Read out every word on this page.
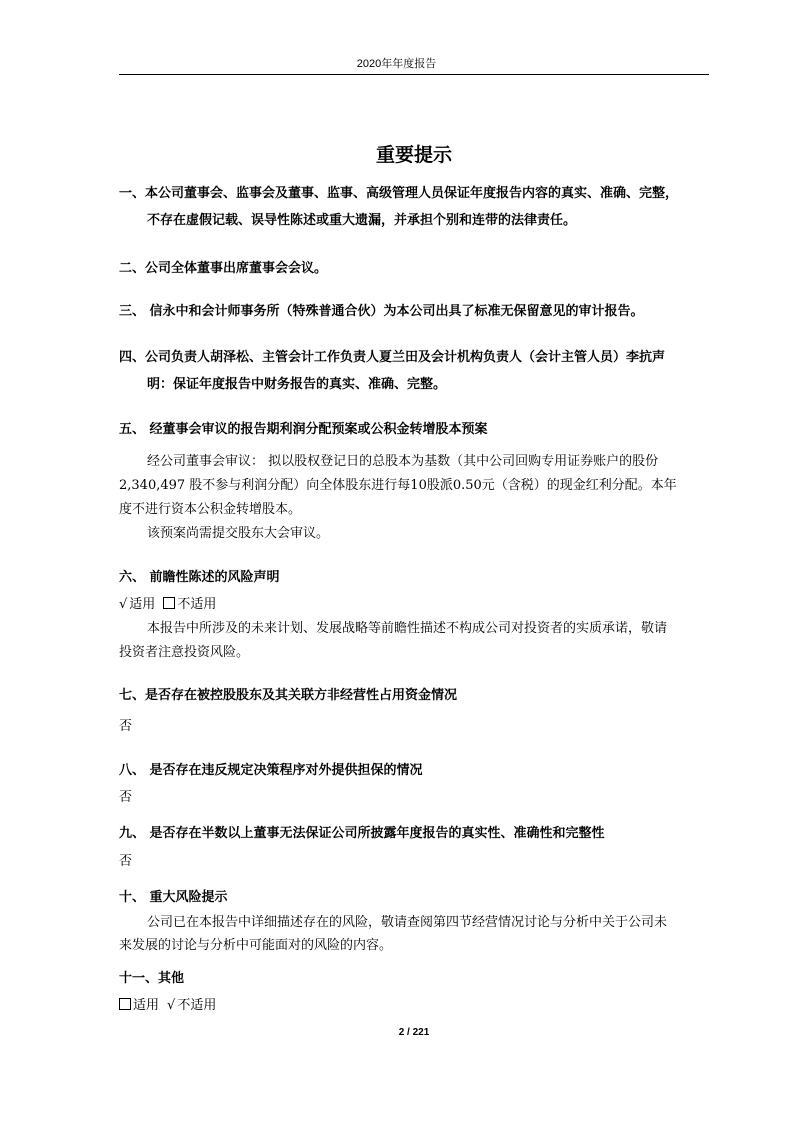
2020年年度报告
重要提示
一、本公司董事会、监事会及董事、监事、高级管理人员保证年度报告内容的真实、准确、完整，
不存在虚假记载、误导性陈述或重大遗漏，并承担个别和连带的法律责任。
二、公司全体董事出席董事会会议。
三、 信永中和会计师事务所（特殊普通合伙）为本公司出具了标准无保留意见的审计报告。
四、公司负责人胡泽松、主管会计工作负责人夏兰田及会计机构负责人（会计主管人员）李抗声
明：保证年度报告中财务报告的真实、准确、完整。
五、 经董事会审议的报告期利润分配预案或公积金转增股本预案
经公司董事会审议： 拟以股权登记日的总股本为基数（其中公司回购专用证券账户的股份
2,340,497 股不参与利润分配）向全体股东进行每10股派0.50元（含税）的现金红利分配。本年
度不进行资本公积金转增股本。
该预案尚需提交股东大会审议。
六、 前瞻性陈述的风险声明
√ 适用 不适用
本报告中所涉及的未来计划、发展战略等前瞻性描述不构成公司对投资者的实质承诺，敬请
投资者注意投资风险。
七、是否存在被控股股东及其关联方非经营性占用资金情况
否
八、 是否存在违反规定决策程序对外提供担保的情况
否
九、 是否存在半数以上董事无法保证公司所披露年度报告的真实性、准确性和完整性
否
十、 重大风险提示
公司已在本报告中详细描述存在的风险，敬请查阅第四节经营情况讨论与分析中关于公司未
来发展的讨论与分析中可能面对的风险的内容。
十一、其他
适用 √ 不适用
2 / 221
